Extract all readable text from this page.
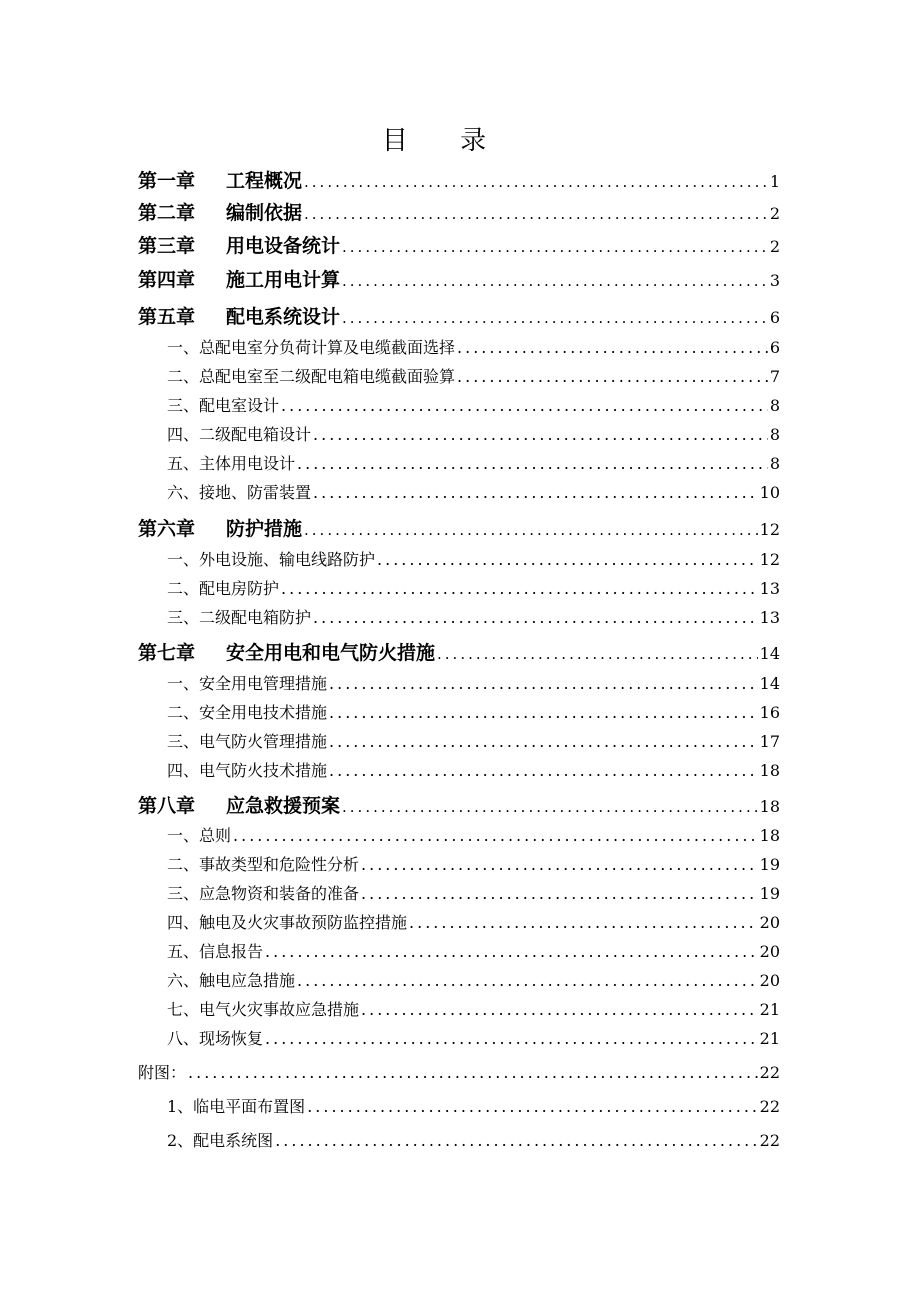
目 录
第一章 工程概况 .....	1
第二章 编制依据 .....	2
第三章 用电设备统计 .....	2
第四章 施工用电计算 .....	3
第五章 配电系统设计 .....	6
一、总配电室分负荷计算及电缆截面选择 .....	6
二、总配电室至二级配电箱电缆截面验算 .....	7
三、配电室设计 .....	8
四、二级配电箱设计 .....	8
五、主体用电设计 .....	8
六、接地、防雷装置 .....	10
第六章 防护措施 .....	12
一、外电设施、输电线路防护 .....	12
二、配电房防护 .....	13
三、二级配电箱防护 .....	13
第七章 安全用电和电气防火措施 .....	14
一、安全用电管理措施 .....	14
二、安全用电技术措施 .....	16
三、电气防火管理措施 .....	17
四、电气防火技术措施 .....	18
第八章 应急救援预案 .....	18
一、总则 .....	18
二、事故类型和危险性分析 .....	19
三、应急物资和装备的准备 .....	19
四、触电及火灾事故预防监控措施 .....	20
五、信息报告 .....	20
六、触电应急措施 .....	20
七、电气火灾事故应急措施 .....	21
八、现场恢复 .....	21
附图： .....	22
1、临电平面布置图 .....	22
2、配电系统图 .....	22
